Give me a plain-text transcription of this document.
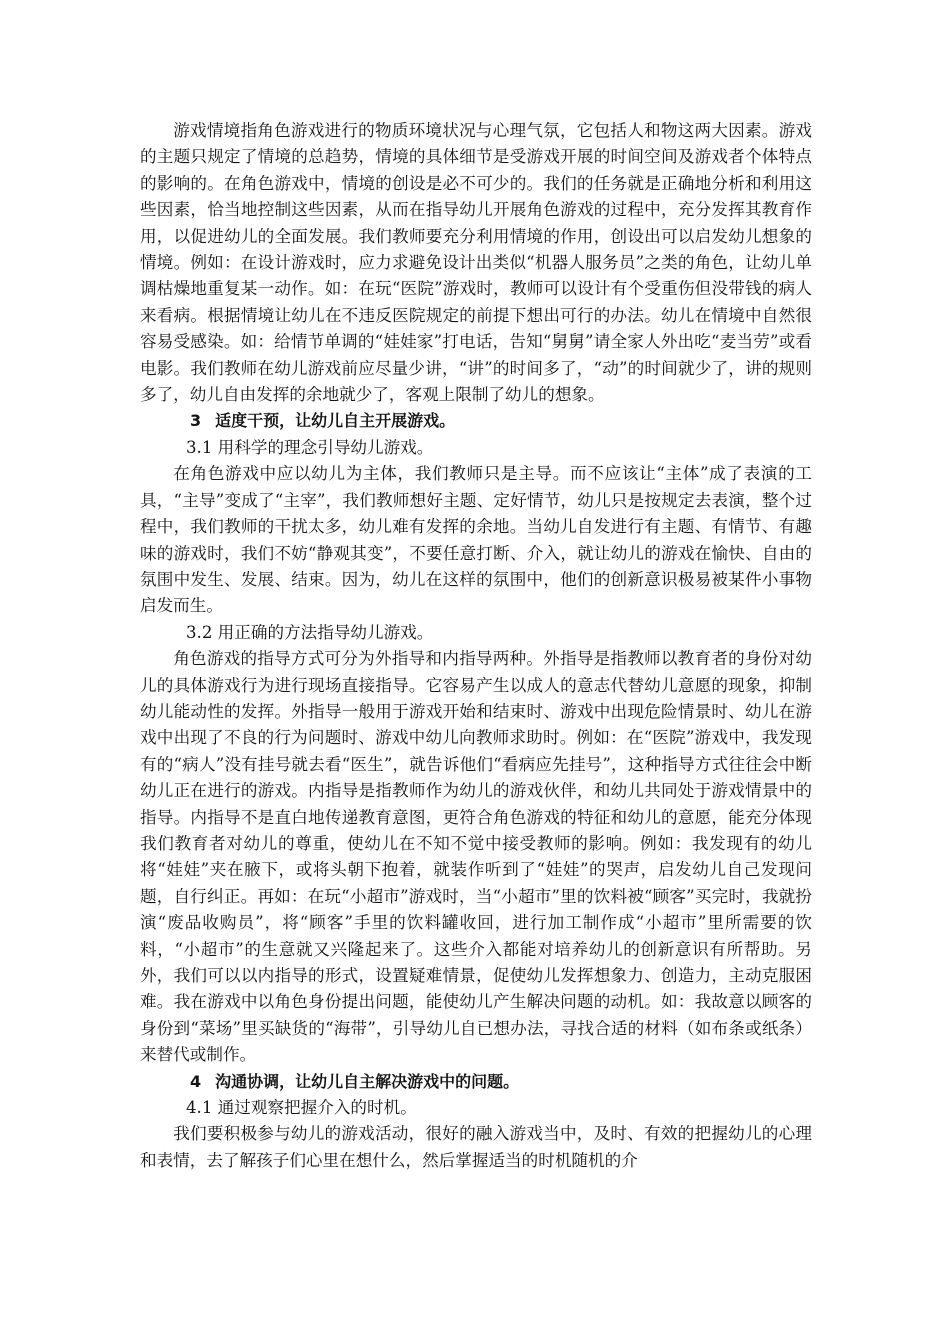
游戏情境指角色游戏进行的物质环境状况与心理气氛，它包括人和物这两大因素。游戏的主题只规定了情境的总趋势，情境的具体细节是受游戏开展的时间空间及游戏者个体特点的影响的。在角色游戏中，情境的创设是必不可少的。我们的任务就是正确地分析和利用这些因素，恰当地控制这些因素，从而在指导幼儿开展角色游戏的过程中，充分发挥其教育作用，以促进幼儿的全面发展。我们教师要充分利用情境的作用，创设出可以启发幼儿想象的情境。例如：在设计游戏时，应力求避免设计出类似“机器人服务员”之类的角色，让幼儿单调枯燥地重复某一动作。如：在玩“医院”游戏时，教师可以设计有个受重伤但没带钱的病人来看病。根据情境让幼儿在不违反医院规定的前提下想出可行的办法。幼儿在情境中自然很容易受感染。如：给情节单调的“娃娃家”打电话，告知“舅舅”请全家人外出吃“麦当劳”或看电影。我们教师在幼儿游戏前应尽量少讲，“讲”的时间多了，“动”的时间就少了，讲的规则多了，幼儿自由发挥的余地就少了，客观上限制了幼儿的想象。

3 适度干预，让幼儿自主开展游戏。

3.1 用科学的理念引导幼儿游戏。

在角色游戏中应以幼儿为主体，我们教师只是主导。而不应该让“主体”成了表演的工具，“主导”变成了“主宰”，我们教师想好主题、定好情节，幼儿只是按规定去表演，整个过程中，我们教师的干扰太多，幼儿难有发挥的余地。当幼儿自发进行有主题、有情节、有趣味的游戏时，我们不妨“静观其变”，不要任意打断、介入，就让幼儿的游戏在愉快、自由的氛围中发生、发展、结束。因为，幼儿在这样的氛围中，他们的创新意识极易被某件小事物启发而生。

3.2 用正确的方法指导幼儿游戏。

角色游戏的指导方式可分为外指导和内指导两种。外指导是指教师以教育者的身份对幼儿的具体游戏行为进行现场直接指导。它容易产生以成人的意志代替幼儿意愿的现象，抑制幼儿能动性的发挥。外指导一般用于游戏开始和结束时、游戏中出现危险情景时、幼儿在游戏中出现了不良的行为问题时、游戏中幼儿向教师求助时。例如：在“医院”游戏中，我发现有的“病人”没有挂号就去看“医生”，就告诉他们“看病应先挂号”，这种指导方式往往会中断幼儿正在进行的游戏。内指导是指教师作为幼儿的游戏伙伴，和幼儿共同处于游戏情景中的指导。内指导不是直白地传递教育意图，更符合角色游戏的特征和幼儿的意愿，能充分体现我们教育者对幼儿的尊重，使幼儿在不知不觉中接受教师的影响。例如：我发现有的幼儿将“娃娃”夹在腋下，或将头朝下抱着，就装作听到了“娃娃”的哭声，启发幼儿自己发现问题，自行纠正。再如：在玩“小超市”游戏时，当“小超市”里的饮料被“顾客”买完时，我就扮演“废品收购员”，将“顾客”手里的饮料罐收回，进行加工制作成“小超市”里所需要的饮料，“小超市”的生意就又兴隆起来了。这些介入都能对培养幼儿的创新意识有所帮助。另外，我们可以以内指导的形式，设置疑难情景，促使幼儿发挥想象力、创造力，主动克服困难。我在游戏中以角色身份提出问题，能使幼儿产生解决问题的动机。如：我故意以顾客的身份到“菜场”里买缺货的“海带”，引导幼儿自已想办法，寻找合适的材料（如布条或纸条）来替代或制作。

4 沟通协调，让幼儿自主解决游戏中的问题。

4.1 通过观察把握介入的时机。

我们要积极参与幼儿的游戏活动，很好的融入游戏当中，及时、有效的把握幼儿的心理和表情，去了解孩子们心里在想什么，然后掌握适当的时机随机的介
